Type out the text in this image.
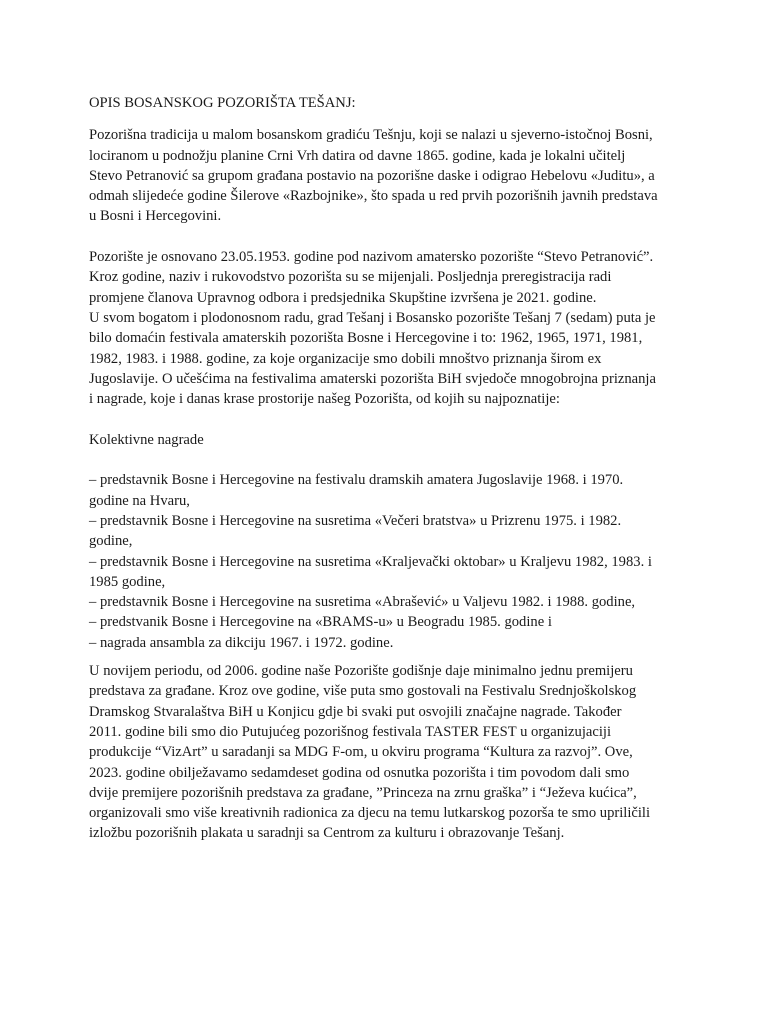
OPIS BOSANSKOG POZORIŠTA TEŠANJ:
Pozorišna tradicija u malom bosanskom gradiću Tešnju, koji se nalazi u sjeverno-istočnoj Bosni,
lociranom u podnožju planine Crni Vrh datira od davne 1865. godine, kada je lokalni učitelj
Stevo Petranović sa grupom građana postavio na pozorišne daske i odigrao Hebelovu «Juditu», a
odmah slijedeće godine Šilerove «Razbojnike», što spada u red prvih pozorišnih javnih predstava
u Bosni i Hercegovini.
Pozorište je osnovano 23.05.1953. godine pod nazivom amatersko pozorište “Stevo Petranović”.
Kroz godine, naziv i rukovodstvo pozorišta su se mijenjali. Posljednja preregistracija radi
promjene članova Upravnog odbora i predsjednika Skupštine izvršena je 2021. godine.
U svom bogatom i plodonosnom radu, grad Tešanj i Bosansko pozorište Tešanj 7 (sedam) puta je
bilo domaćin festivala amaterskih pozorišta Bosne i Hercegovine i to: 1962, 1965, 1971, 1981,
1982, 1983. i 1988. godine, za koje organizacije smo dobili mnoštvo priznanja širom ex
Jugoslavije. O učešćima na festivalima amaterski pozorišta BiH svjedoče mnogobrojna priznanja
i nagrade, koje i danas krase prostorije našeg Pozorišta, od kojih su najpoznatije:
Kolektivne nagrade
– predstavnik Bosne i Hercegovine na festivalu dramskih amatera Jugoslavije 1968. i 1970.
godine na Hvaru,
– predstavnik Bosne i Hercegovine na susretima «Večeri bratstva» u Prizrenu 1975. i 1982.
godine,
– predstavnik Bosne i Hercegovine na susretima «Kraljevački oktobar» u Kraljevu 1982, 1983. i
1985 godine,
– predstavnik Bosne i Hercegovine na susretima «Abrašević» u Valjevu 1982. i 1988. godine,
– predstvanik Bosne i Hercegovine na «BRAMS-u» u Beogradu 1985. godine i
– nagrada ansambla za dikciju 1967. i 1972. godine.
U novijem periodu, od 2006. godine naše Pozorište godišnje daje minimalno jednu premijeru
predstava za građane. Kroz ove godine, više puta smo gostovali na Festivalu Srednjoškolskog
Dramskog Stvaralaštva BiH u Konjicu gdje bi svaki put osvojili značajne nagrade. Također
2011. godine bili smo dio Putujućeg pozorišnog festivala TASTER FEST u organizujaciji
produkcije “VizArt” u saradanji sa MDG F-om, u okviru programa “Kultura za razvoj”. Ove,
2023. godine obilježavamo sedamdeset godina od osnutka pozorišta i tim povodom dali smo
dvije premijere pozorišnih predstava za građane, ”Princeza na zrnu graška” i “Ježeva kućica”,
organizovali smo više kreativnih radionica za djecu na temu lutkarskog pozorša te smo upriličili
izložbu pozorišnih plakata u saradnji sa Centrom za kulturu i obrazovanje Tešanj.
